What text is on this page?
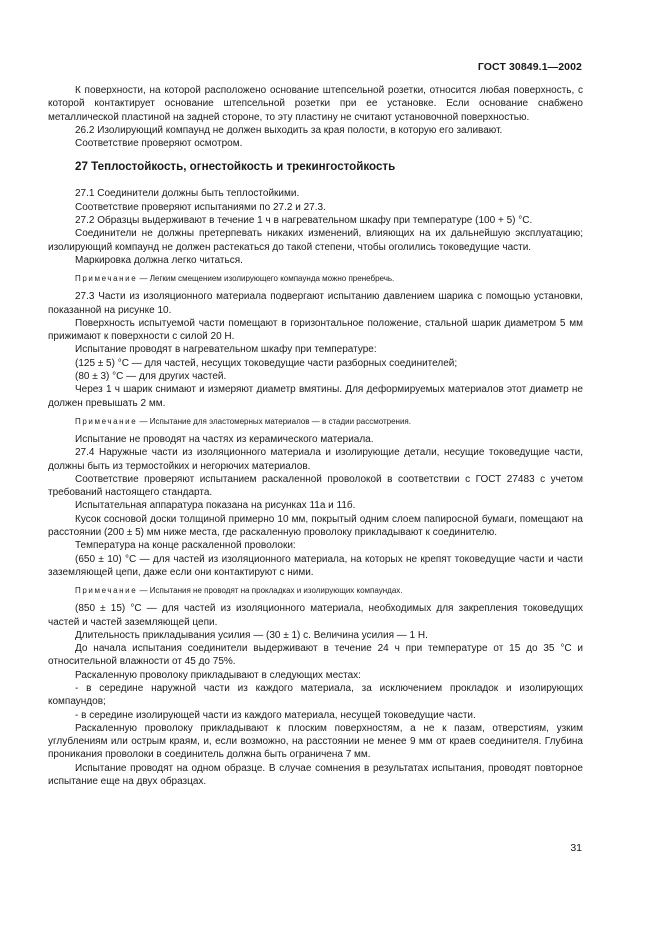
ГОСТ 30849.1—2002

К поверхности, на которой расположено основание штепсельной розетки, относится любая поверхность, с которой контактирует основание штепсельной розетки при ее установке. Если основание снабжено металлической пластиной на задней стороне, то эту пластину не считают установочной поверхностью.

26.2 Изолирующий компаунд не должен выходить за края полости, в которую его заливают.

Соответствие проверяют осмотром.

27 Теплостойкость, огнестойкость и трекингостойкость

27.1 Соединители должны быть теплостойкими.

Соответствие проверяют испытаниями по 27.2 и 27.3.

27.2 Образцы выдерживают в течение 1 ч в нагревательном шкафу при температуре (100 + 5) °С.

Соединители не должны претерпевать никаких изменений, влияющих на их дальнейшую эксплуатацию; изолирующий компаунд не должен растекаться до такой степени, чтобы оголились токоведущие части.

Маркировка должна легко читаться.

Примечание — Легким смещением изолирующего компаунда можно пренебречь.

27.3 Части из изоляционного материала подвергают испытанию давлением шарика с помощью установки, показанной на рисунке 10.

Поверхность испытуемой части помещают в горизонтальное положение, стальной шарик диаметром 5 мм прижимают к поверхности с силой 20 Н.

Испытание проводят в нагревательном шкафу при температуре:

(125 ± 5) °С — для частей, несущих токоведущие части разборных соединителей;

(80 ± 3) °С — для других частей.

Через 1 ч шарик снимают и измеряют диаметр вмятины. Для деформируемых материалов этот диаметр не должен превышать 2 мм.

Примечание — Испытание для эластомерных материалов — в стадии рассмотрения.

Испытание не проводят на частях из керамического материала.

27.4 Наружные части из изоляционного материала и изолирующие детали, несущие токоведущие части, должны быть из термостойких и негорючих материалов.

Соответствие проверяют испытанием раскаленной проволокой в соответствии с ГОСТ 27483 с учетом требований настоящего стандарта.

Испытательная аппаратура показана на рисунках 11а и 11б.

Кусок сосновой доски толщиной примерно 10 мм, покрытый одним слоем папиросной бумаги, помещают на расстоянии (200 ± 5) мм ниже места, где раскаленную проволоку прикладывают к соединителю.

Температура на конце раскаленной проволоки:

(650 ± 10) °С — для частей из изоляционного материала, на которых не крепят токоведущие части и части заземляющей цепи, даже если они контактируют с ними.

Примечание — Испытания не проводят на прокладках и изолирующих компаундах.

(850 ± 15) °С — для частей из изоляционного материала, необходимых для закрепления токоведущих частей и частей заземляющей цепи.

Длительность прикладывания усилия — (30 ± 1) с. Величина усилия — 1 Н.

До начала испытания соединители выдерживают в течение 24 ч при температуре от 15 до 35 °С и относительной влажности от 45 до 75%.

Раскаленную проволоку прикладывают в следующих местах:

- в середине наружной части из каждого материала, за исключением прокладок и изолирующих компаундов;

- в середине изолирующей части из каждого материала, несущей токоведущие части.

Раскаленную проволоку прикладывают к плоским поверхностям, а не к пазам, отверстиям, узким углублениям или острым краям, и, если возможно, на расстоянии не менее 9 мм от краев соединителя. Глубина проникания проволоки в соединитель должна быть ограничена 7 мм.

Испытание проводят на одном образце. В случае сомнения в результатах испытания, проводят повторное испытание еще на двух образцах.

31
